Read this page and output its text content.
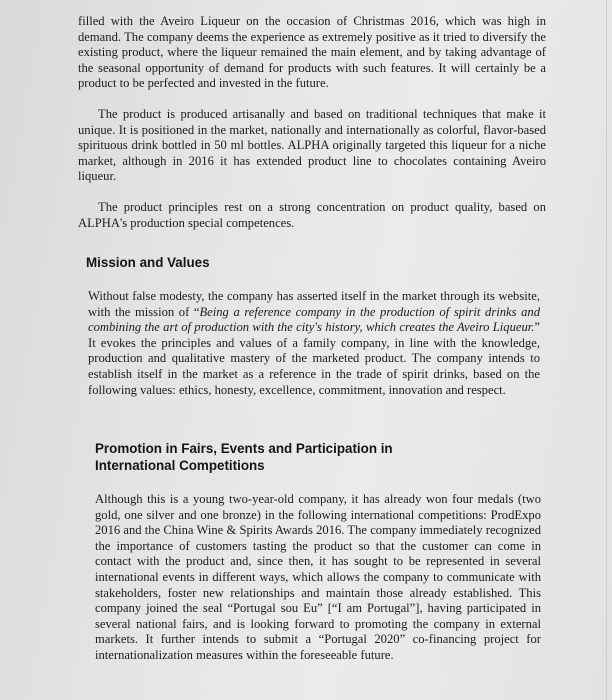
filled with the Aveiro Liqueur on the occasion of Christmas 2016, which was high in demand. The company deems the experience as extremely positive as it tried to diversify the existing product, where the liqueur remained the main element, and by taking advantage of the seasonal opportunity of demand for products with such features. It will certainly be a product to be perfected and invested in the future.

The product is produced artisanally and based on traditional techniques that make it unique. It is positioned in the market, nationally and internationally as colorful, flavor-based spirituous drink bottled in 50 ml bottles. ALPHA originally targeted this liqueur for a niche market, although in 2016 it has extended product line to chocolates containing Aveiro liqueur.

The product principles rest on a strong concentration on product quality, based on ALPHA's production special competences.

Mission and Values

Without false modesty, the company has asserted itself in the market through its website, with the mission of “Being a reference company in the production of spirit drinks and combining the art of production with the city's history, which creates the Aveiro Liqueur.” It evokes the principles and values of a family company, in line with the knowledge, production and qualitative mastery of the marketed product. The company intends to establish itself in the market as a reference in the trade of spirit drinks, based on the following values: ethics, honesty, excellence, commitment, innovation and respect.

Promotion in Fairs, Events and Participation in International Competitions

Although this is a young two-year-old company, it has already won four medals (two gold, one silver and one bronze) in the following international competitions: ProdExpo 2016 and the China Wine & Spirits Awards 2016. The company immediately recognized the importance of customers tasting the product so that the customer can come in contact with the product and, since then, it has sought to be represented in several international events in different ways, which allows the company to communicate with stakeholders, foster new relationships and maintain those already established. This company joined the seal “Portugal sou Eu” [“I am Portugal”], having participated in several national fairs, and is looking forward to promoting the company in external markets. It further intends to submit a “Portugal 2020” co-financing project for internationalization measures within the foreseeable future.
